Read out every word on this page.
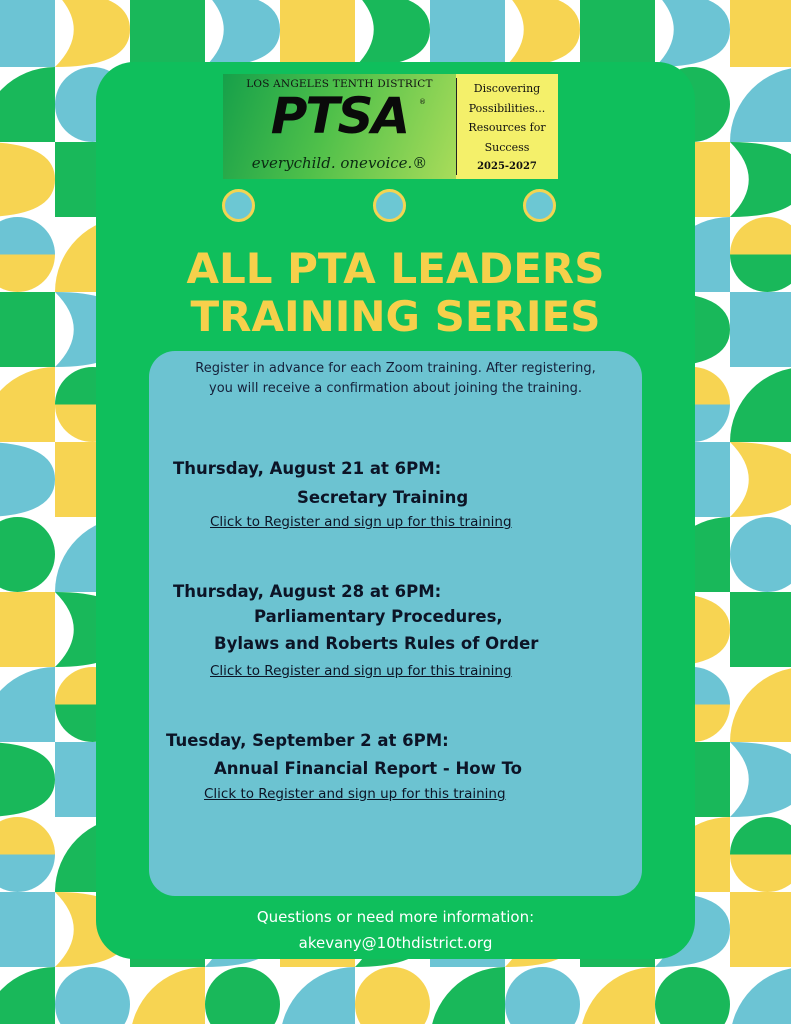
LOS ANGELES TENTH DISTRICT
PTSA	®
everychild. onevoice.®
Discovering
Possibilities...
Resources for
Success
2025-2027
ALL PTA LEADERS
TRAINING SERIES
Register in advance for each Zoom training. After registering,
you will receive a confirmation about joining the training.
Thursday, August 21 at 6PM:
Secretary Training
Click to Register and sign up for this training
Thursday, August 28 at 6PM:
Parliamentary Procedures,
Bylaws and Roberts Rules of Order
Click to Register and sign up for this training
Tuesday, September 2 at 6PM:
Annual Financial Report - How To
Click to Register and sign up for this training
Questions or need more information:
akevany@10thdistrict.org
